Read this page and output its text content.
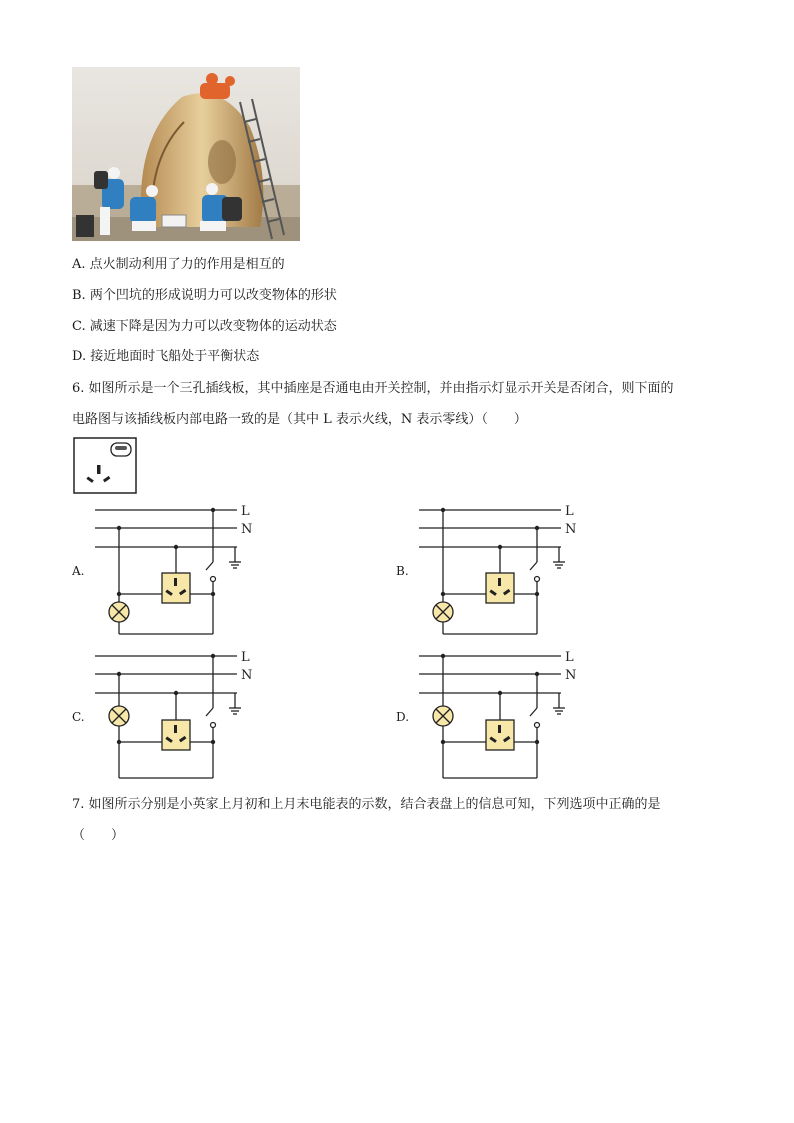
A. 点火制动利用了力的作用是相互的
B. 两个凹坑的形成说明力可以改变物体的形状
C. 减速下降是因为力可以改变物体的运动状态
D. 接近地面时飞船处于平衡状态
6. 如图所示是一个三孔插线板，其中插座是否通电由开关控制，并由指示灯显示开关是否闭合，则下面的
电路图与该插线板内部电路一致的是（其中 L 表示火线，N 表示零线）（　　）
A.
L
N
B.
L
N
C.
L
N
D.
L
N
7. 如图所示分别是小英家上月初和上月末电能表的示数，结合表盘上的信息可知，下列选项中正确的是
（　　）
